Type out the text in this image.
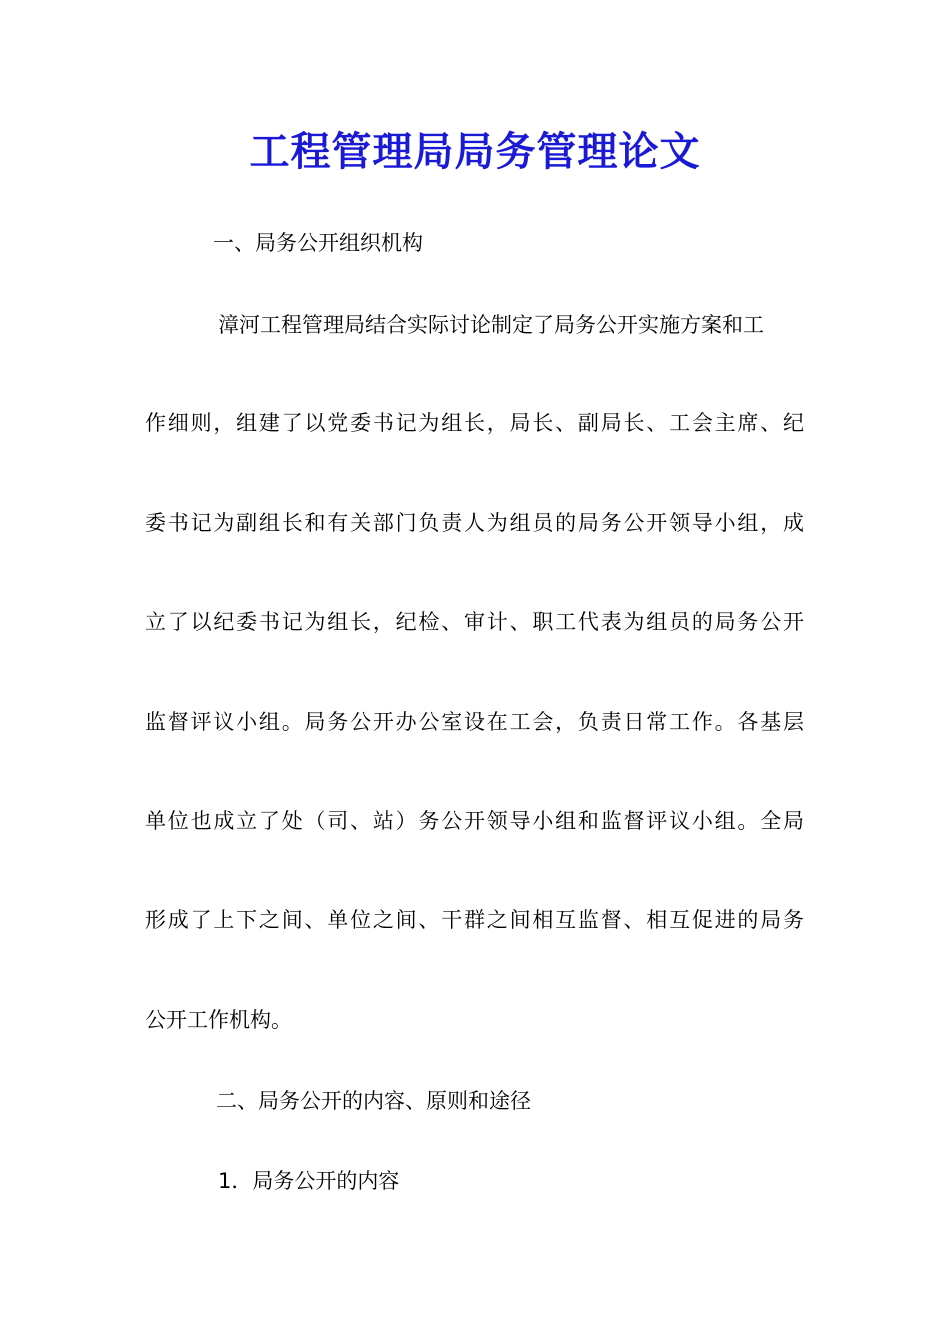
工程管理局局务管理论文
一、局务公开组织机构
漳河工程管理局结合实际讨论制定了局务公开实施方案和工
作细则，组建了以党委书记为组长，局长、副局长、工会主席、纪
委书记为副组长和有关部门负责人为组员的局务公开领导小组，成
立了以纪委书记为组长，纪检、审计、职工代表为组员的局务公开
监督评议小组。局务公开办公室设在工会，负责日常工作。各基层
单位也成立了处（司、站）务公开领导小组和监督评议小组。全局
形成了上下之间、单位之间、干群之间相互监督、相互促进的局务
公开工作机构。
二、局务公开的内容、原则和途径
1．局务公开的内容
